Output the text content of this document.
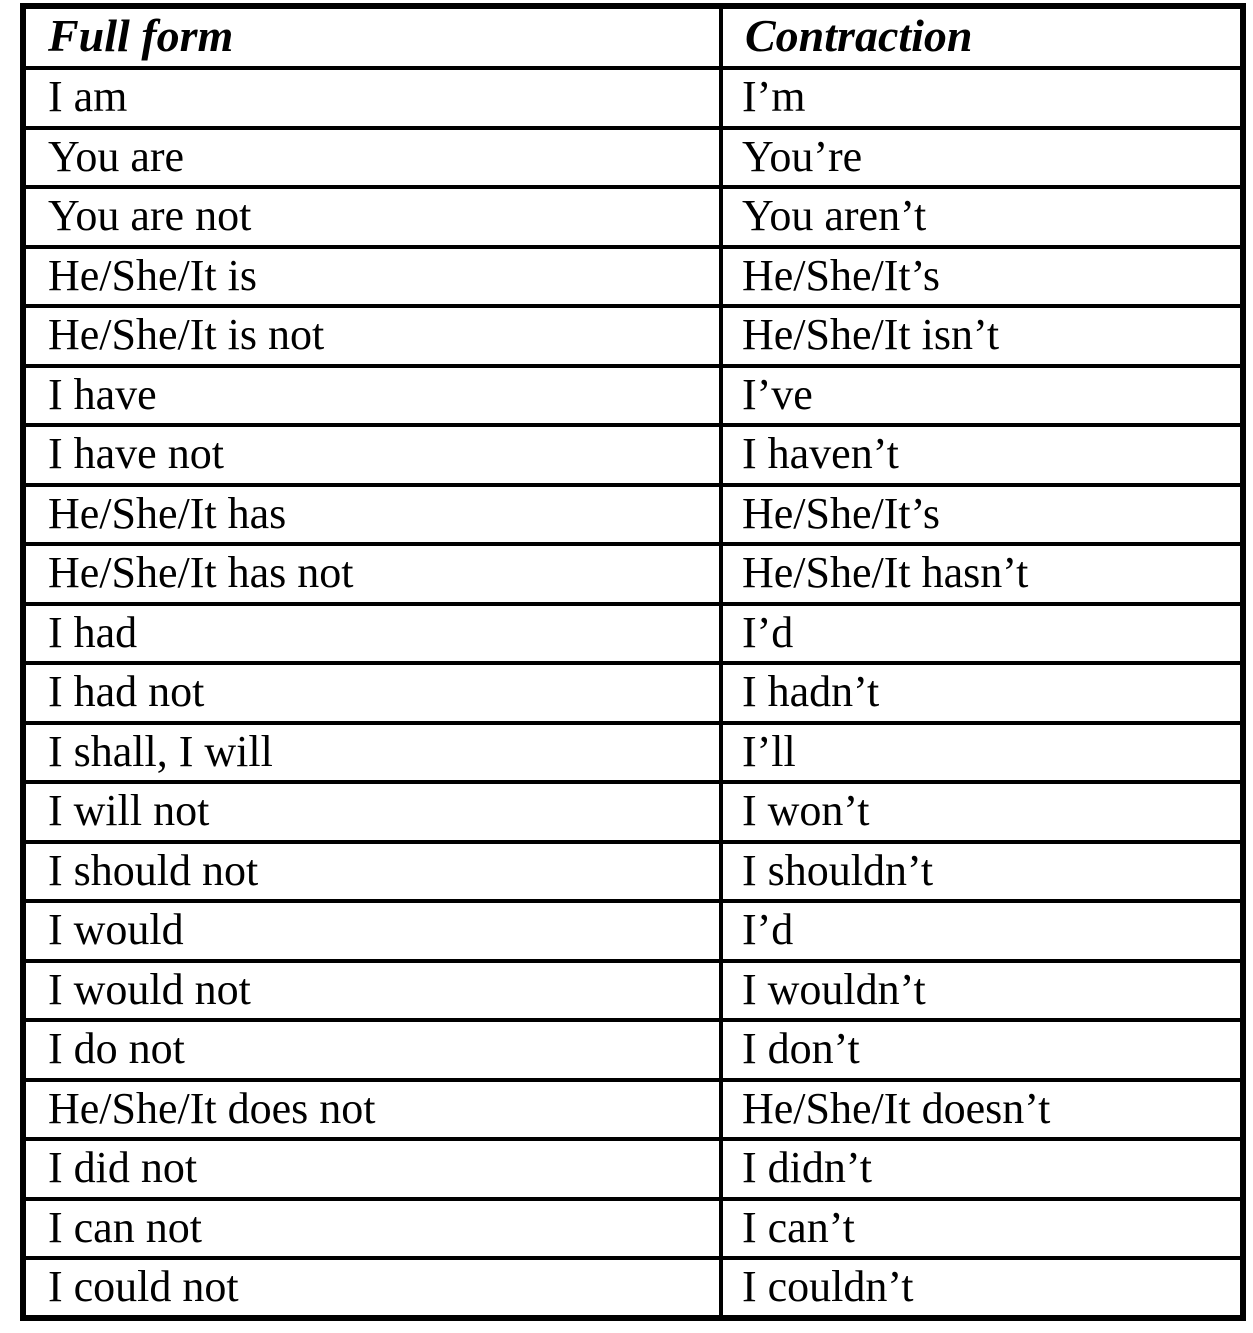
Full form	Contraction
I am	I’m
You are	You’re
You are not	You aren’t
He/She/It is	He/She/It’s
He/She/It is not	He/She/It isn’t
I have	I’ve
I have not	I haven’t
He/She/It has	He/She/It’s
He/She/It has not	He/She/It hasn’t
I had	I’d
I had not	I hadn’t
I shall, I will	I’ll
I will not	I won’t
I should not	I shouldn’t
I would	I’d
I would not	I wouldn’t
I do not	I don’t
He/She/It does not	He/She/It doesn’t
I did not	I didn’t
I can not	I can’t
I could not	I couldn’t
